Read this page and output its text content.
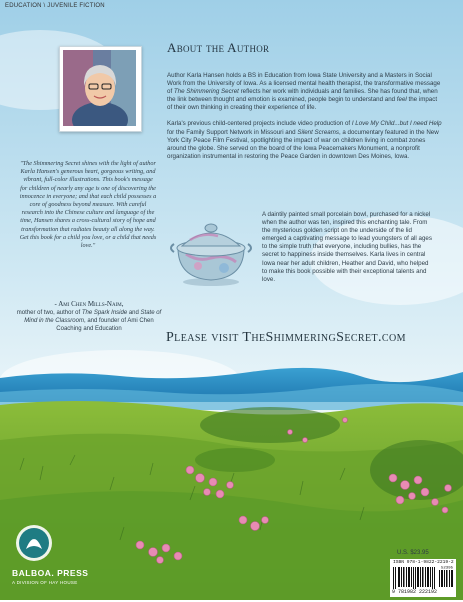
EDUCATION \ JUVENILE FICTION
About the Author

Author Karla Hansen holds a BS in Education from Iowa State University and a Masters in Social Work from the University of Iowa. As a licensed mental health therapist, the transformative message of The Shimmering Secret reflects her work with individuals and families. She has found that, when the link between thought and emotion is examined, people begin to understand and feel the impact of their own thinking in creating their experience of life.

Karla's previous child-centered projects include video production of I Love My Child...but I need Help for the Family Support Network in Missouri and Silent Screams, a documentary featured in the New York City Peace Film Festival, spotlighting the impact of war on children living in combat zones around the globe. She served on the board of the Iowa Peacemakers Monument, a nonprofit organization instrumental in restoring the Peace Garden in downtown Des Moines, Iowa.

"The Shimmering Secret shines with the light of author Karla Hansen's generous heart, gorgeous writing, and vibrant, full-color illustrations. This book's message for children of nearly any age is one of discovering the innocence in everyone; and that each child possesses a core of goodness beyond measure. With careful research into the Chinese culture and language of the time, Hansen shares a cross-cultural story of hope and transformation that radiates beauty all along the way. Get this book for a child you love, or a child that needs love."
- Ami Chen Mills-Naim,
mother of two, author of The Spark Inside and State of Mind in the Classroom, and founder of Ami Chen Coaching and Education
A daintily painted small porcelain bowl, purchased for a nickel when the author was ten, inspired this enchanting tale. From the mysterious golden script on the underside of the lid emerged a captivating message to lead youngsters of all ages to the simple truth that everyone, including bullies, has the secret to happiness inside themselves. Karla lives in central Iowa near her adult children, Heather and David, who helped to make this book possible with their exceptional talents and love.
Please visit TheShimmeringSecret.com
BALBOA. PRESS
A DIVISION OF HAY HOUSE
U.S. $23.95
52395
ISBN 978-1-9822-2219-2
9 781982 222192
